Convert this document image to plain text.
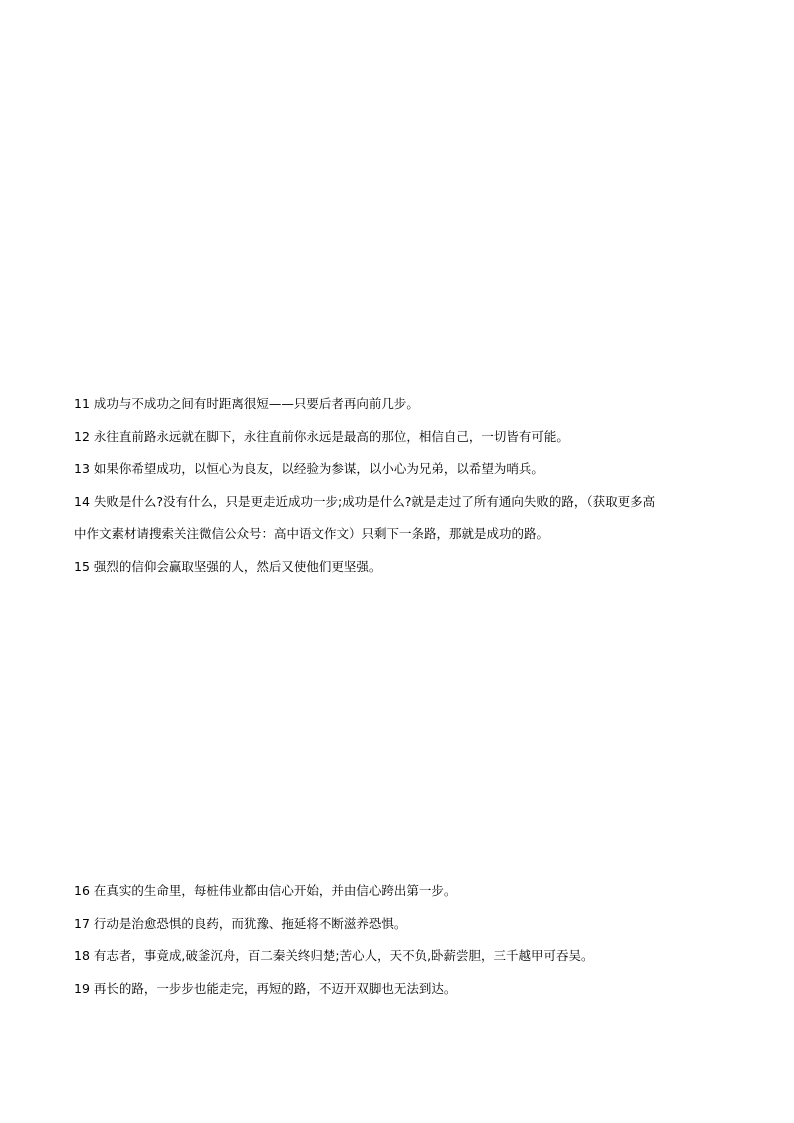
11 成功与不成功之间有时距离很短——只要后者再向前几步。
12 永往直前路永远就在脚下，永往直前你永远是最高的那位，相信自己，一切皆有可能。
13 如果你希望成功，以恒心为良友，以经验为参谋，以小心为兄弟，以希望为哨兵。
14 失败是什么?没有什么，只是更走近成功一步;成功是什么?就是走过了所有通向失败的路，（获取更多高
中作文素材请搜索关注微信公众号：高中语文作文）只剩下一条路，那就是成功的路。
15 强烈的信仰会赢取坚强的人，然后又使他们更坚强。
16 在真实的生命里，每桩伟业都由信心开始，并由信心跨出第一步。
17 行动是治愈恐惧的良药，而犹豫、拖延将不断滋养恐惧。
18 有志者，事竟成,破釜沉舟，百二秦关终归楚;苦心人，天不负,卧薪尝胆，三千越甲可吞吴。
19 再长的路，一步步也能走完，再短的路，不迈开双脚也无法到达。
